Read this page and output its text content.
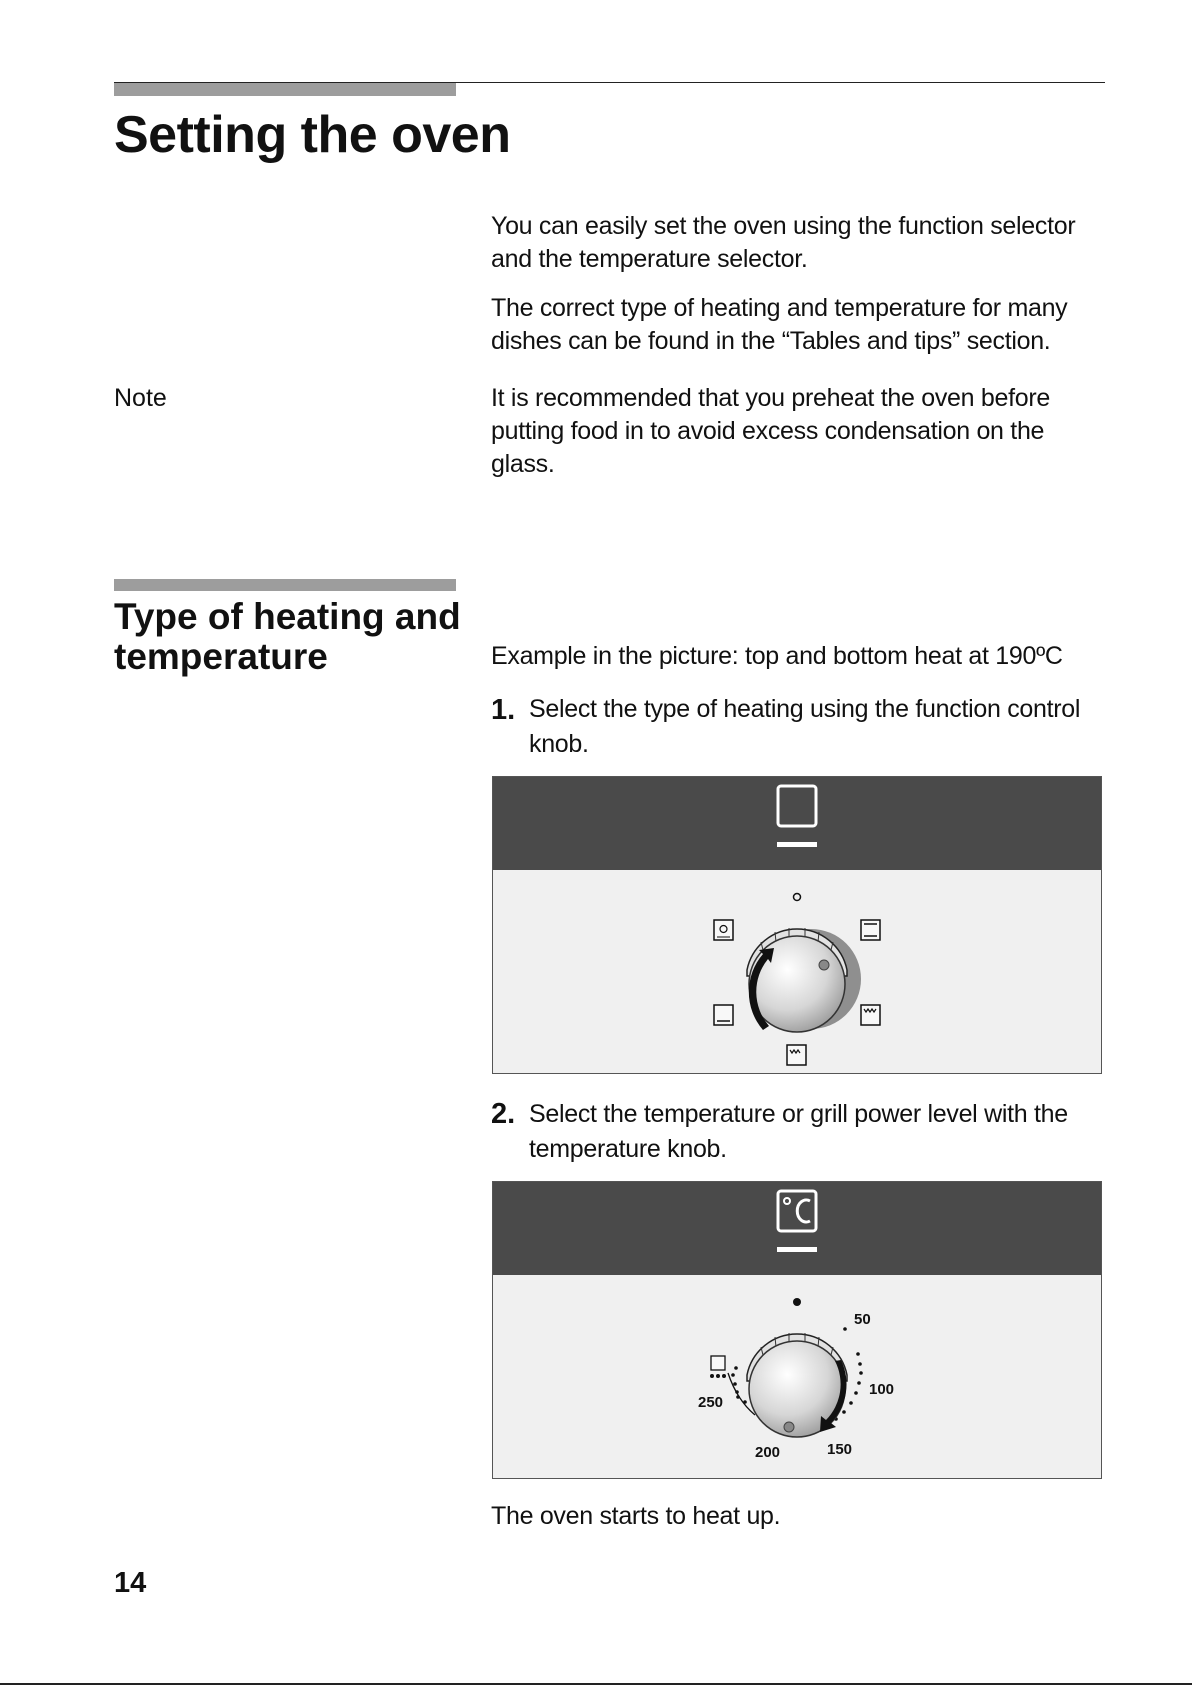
Setting the oven

You can easily set the oven using the function selector and the temperature selector.

The correct type of heating and temperature for many dishes can be found in the “Tables and tips” section.

Note	It is recommended that you preheat the oven before putting food in to avoid excess condensation on the glass.

Type of heating and temperature	Example in the picture: top and bottom heat at 190ºC

1. Select the type of heating using the function control knob.
2. Select the temperature or grill power level with the temperature knob.
50
100
150
200
250

The oven starts to heat up.

14
